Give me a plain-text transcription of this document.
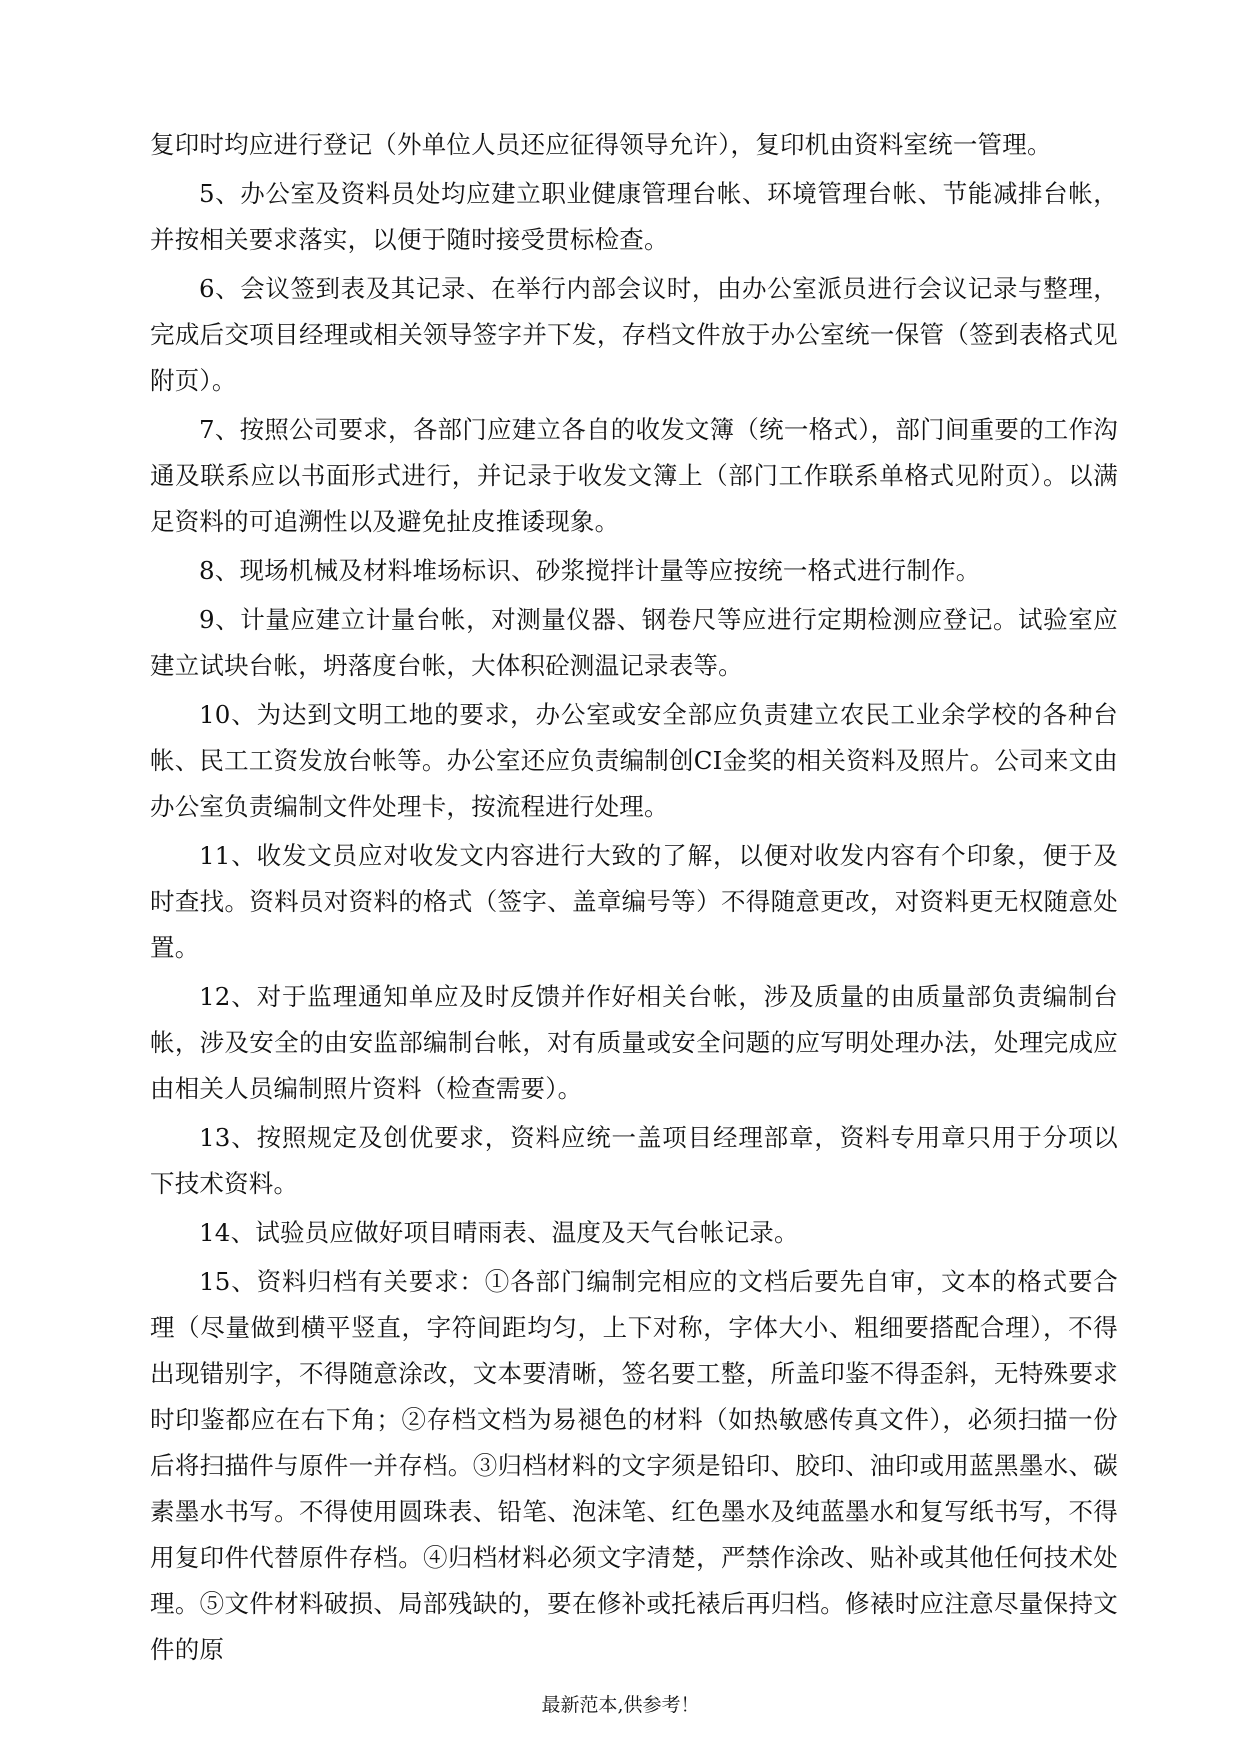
复印时均应进行登记（外单位人员还应征得领导允许），复印机由资料室统一管理。

5、办公室及资料员处均应建立职业健康管理台帐、环境管理台帐、节能减排台帐，并按相关要求落实，以便于随时接受贯标检查。

6、会议签到表及其记录、在举行内部会议时，由办公室派员进行会议记录与整理，完成后交项目经理或相关领导签字并下发，存档文件放于办公室统一保管（签到表格式见附页）。

7、按照公司要求，各部门应建立各自的收发文簿（统一格式），部门间重要的工作沟通及联系应以书面形式进行，并记录于收发文簿上（部门工作联系单格式见附页）。以满足资料的可追溯性以及避免扯皮推诿现象。

8、现场机械及材料堆场标识、砂浆搅拌计量等应按统一格式进行制作。

9、计量应建立计量台帐，对测量仪器、钢卷尺等应进行定期检测应登记。试验室应建立试块台帐，坍落度台帐，大体积砼测温记录表等。

10、为达到文明工地的要求，办公室或安全部应负责建立农民工业余学校的各种台帐、民工工资发放台帐等。办公室还应负责编制创CI金奖的相关资料及照片。公司来文由办公室负责编制文件处理卡，按流程进行处理。

11、收发文员应对收发文内容进行大致的了解，以便对收发内容有个印象，便于及时查找。资料员对资料的格式（签字、盖章编号等）不得随意更改，对资料更无权随意处置。

12、对于监理通知单应及时反馈并作好相关台帐，涉及质量的由质量部负责编制台帐，涉及安全的由安监部编制台帐，对有质量或安全问题的应写明处理办法，处理完成应由相关人员编制照片资料（检查需要）。

13、按照规定及创优要求，资料应统一盖项目经理部章，资料专用章只用于分项以下技术资料。

14、试验员应做好项目晴雨表、温度及天气台帐记录。

15、资料归档有关要求：①各部门编制完相应的文档后要先自审，文本的格式要合理（尽量做到横平竖直，字符间距均匀，上下对称，字体大小、粗细要搭配合理），不得出现错别字，不得随意涂改，文本要清晰，签名要工整，所盖印鉴不得歪斜，无特殊要求时印鉴都应在右下角；②存档文档为易褪色的材料（如热敏感传真文件），必须扫描一份后将扫描件与原件一并存档。③归档材料的文字须是铅印、胶印、油印或用蓝黑墨水、碳素墨水书写。不得使用圆珠表、铅笔、泡沫笔、红色墨水及纯蓝墨水和复写纸书写，不得用复印件代替原件存档。④归档材料必须文字清楚，严禁作涂改、贴补或其他任何技术处理。⑤文件材料破损、局部残缺的，要在修补或托裱后再归档。修裱时应注意尽量保持文件的原

最新范本,供参考！
